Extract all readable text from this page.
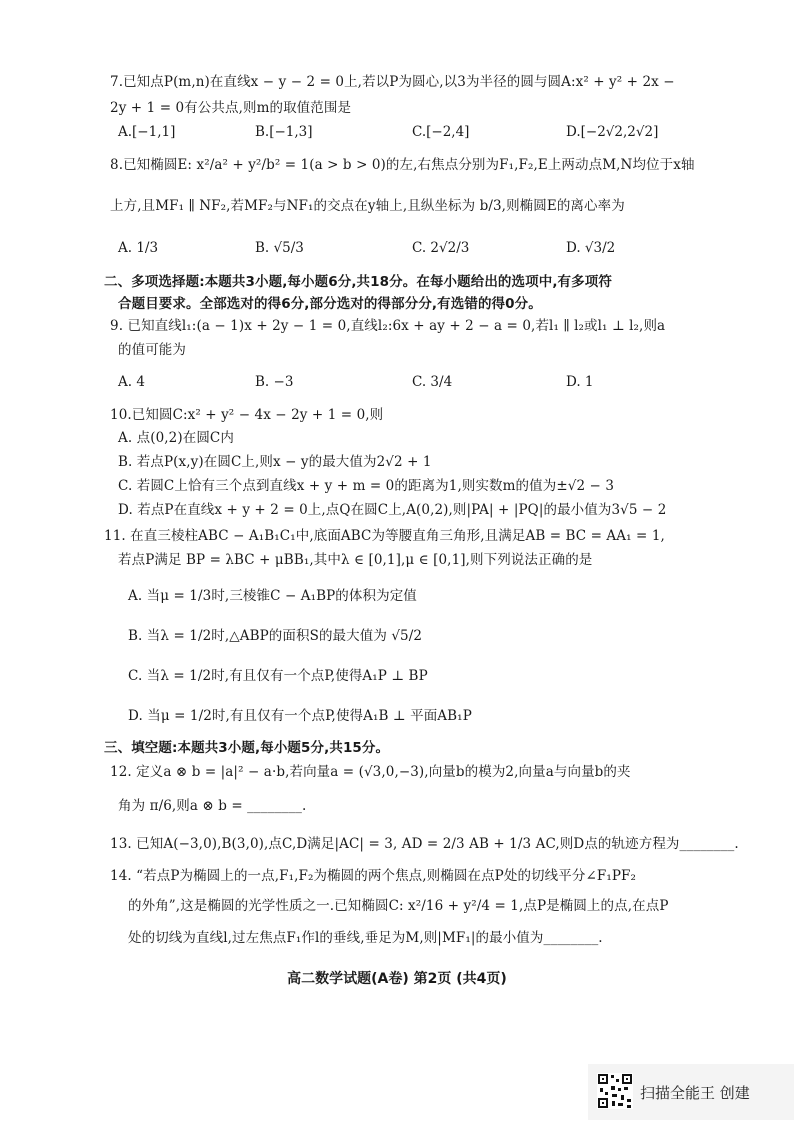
7.已知点P(m,n)在直线x − y − 2 = 0上,若以P为圆心,以3为半径的圆与圆A:x² + y² + 2x −
2y + 1 = 0有公共点,则m的取值范围是
A.[−1,1]	B.[−1,3]	C.[−2,4]	D.[−2√2,2√2]
8.已知椭圆E: x²/a² + y²/b² = 1(a > b > 0)的左,右焦点分别为F₁,F₂,E上两动点M,N均位于x轴
上方,且MF₁ ∥ NF₂,若MF₂与NF₁的交点在y轴上,且纵坐标为 b/3,则椭圆E的离心率为
A. 1/3	B. √5/3	C. 2√2/3	D. √3/2
二、多项选择题:本题共3小题,每小题6分,共18分。在每小题给出的选项中,有多项符
合题目要求。全部选对的得6分,部分选对的得部分分,有选错的得0分。
9. 已知直线l₁:(a − 1)x + 2y − 1 = 0,直线l₂:6x + ay + 2 − a = 0,若l₁ ∥ l₂或l₁ ⊥ l₂,则a
的值可能为
A. 4	B. −3	C. 3/4	D. 1
10.已知圆C:x² + y² − 4x − 2y + 1 = 0,则
A. 点(0,2)在圆C内
B. 若点P(x,y)在圆C上,则x − y的最大值为2√2 + 1
C. 若圆C上恰有三个点到直线x + y + m = 0的距离为1,则实数m的值为±√2 − 3
D. 若点P在直线x + y + 2 = 0上,点Q在圆C上,A(0,2),则|PA| + |PQ|的最小值为3√5 − 2
11. 在直三棱柱ABC − A₁B₁C₁中,底面ABC为等腰直角三角形,且满足AB = BC = AA₁ = 1,
若点P满足 BP = λBC + μBB₁,其中λ ∈ [0,1],μ ∈ [0,1],则下列说法正确的是
A. 当μ = 1/3时,三棱锥C − A₁BP的体积为定值
B. 当λ = 1/2时,△ABP的面积S的最大值为 √5/2
C. 当λ = 1/2时,有且仅有一个点P,使得A₁P ⊥ BP
D. 当μ = 1/2时,有且仅有一个点P,使得A₁B ⊥ 平面AB₁P
三、填空题:本题共3小题,每小题5分,共15分。
12. 定义a ⊗ b = |a|² − a·b,若向量a = (√3,0,−3),向量b的模为2,向量a与向量b的夹
角为 π/6,则a ⊗ b = ________.
13. 已知A(−3,0),B(3,0),点C,D满足|AC| = 3, AD = 2/3 AB + 1/3 AC,则D点的轨迹方程为________.
14. “若点P为椭圆上的一点,F₁,F₂为椭圆的两个焦点,则椭圆在点P处的切线平分∠F₁PF₂
的外角”,这是椭圆的光学性质之一.已知椭圆C: x²/16 + y²/4 = 1,点P是椭圆上的点,在点P
处的切线为直线l,过左焦点F₁作l的垂线,垂足为M,则|MF₁|的最小值为________.
高二数学试题(A卷) 第2页 (共4页)
扫描全能王 创建
